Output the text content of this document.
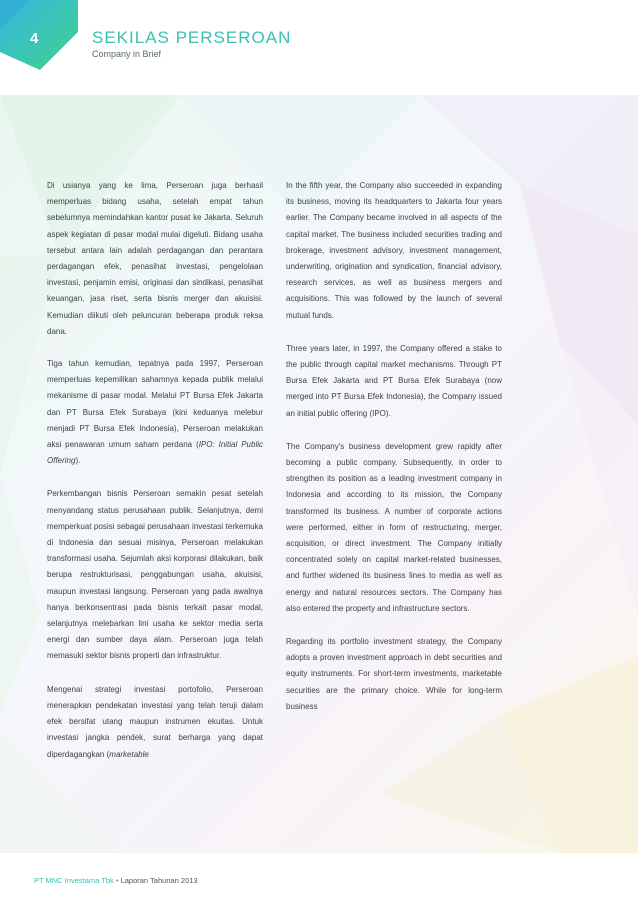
4	SEKILAS PERSEROAN
Company in Brief

Di usianya yang ke lima, Perseroan juga berhasil memperluas bidang usaha, setelah empat tahun sebelumnya memindahkan kantor pusat ke Jakarta. Seluruh aspek kegiatan di pasar modal mulai digeluti. Bidang usaha tersebut antara lain adalah perdagangan dan perantara perdagangan efek, penasihat investasi, pengelolaan investasi, penjamin emisi, originasi dan sindikasi, penasihat keuangan, jasa riset, serta bisnis merger dan akuisisi. Kemudian diikuti oleh peluncuran beberapa produk reksa dana.

Tiga tahun kemudian, tepatnya pada 1997, Perseroan memperluas kepemilikan sahamnya kepada publik melalui mekanisme di pasar modal. Melalui PT Bursa Efek Jakarta dan PT Bursa Efek Surabaya (kini keduanya melebur menjadi PT Bursa Efek Indonesia), Perseroan melakukan aksi penawaran umum saham perdana (IPO: Initial Public Offering).

Perkembangan bisnis Perseroan semakin pesat setelah menyandang status perusahaan publik. Selanjutnya, demi memperkuat posisi sebagai perusahaan investasi terkemuka di Indonesia dan sesuai misinya, Perseroan melakukan transformasi usaha. Sejumlah aksi korporasi dilakukan, baik berupa restrukturisasi, penggabungan usaha, akuisisi, maupun investasi langsung. Perseroan yang pada awalnya hanya berkonsentrasi pada bisnis terkait pasar modal, selanjutnya melebarkan lini usaha ke sektor media serta energi dan sumber daya alam. Perseroan juga telah memasuki sektor bisnis properti dan infrastruktur.

Mengenai strategi investasi portofolio, Perseroan menerapkan pendekatan investasi yang telah teruji dalam efek bersifat utang maupun instrumen ekuitas. Untuk investasi jangka pendek, surat berharga yang dapat diperdagangkan (marketable

In the fifth year, the Company also succeeded in expanding its business, moving its headquarters to Jakarta four years earlier. The Company became involved in all aspects of the capital market. The business included securities trading and brokerage, investment advisory, investment management, underwriting, origination and syndication, financial advisory, research services, as well as business mergers and acquisitions. This was followed by the launch of several mutual funds.

Three years later, in 1997, the Company offered a stake to the public through capital market mechanisms. Through PT Bursa Efek Jakarta and PT Bursa Efek Surabaya (now merged into PT Bursa Efek Indonesia), the Company issued an initial public offering (IPO).

The Company's business development grew rapidly after becoming a public company. Subsequently, in order to strengthen its position as a leading investment company in Indonesia and according to its mission, the Company transformed its business. A number of corporate actions were performed, either in form of restructuring, merger, acquisition, or direct investment. The Company initially concentrated solely on capital market-related businesses, and further widened its business lines to media as well as energy and natural resources sectors. The Company has also entered the property and infrastructure sectors.

Regarding its portfolio investment strategy, the Company adopts a proven investment approach in debt securities and equity instruments. For short-term investments, marketable securities are the primary choice. While for long-term business

PT MNC Investama Tbk • Laporan Tahunan 2013
